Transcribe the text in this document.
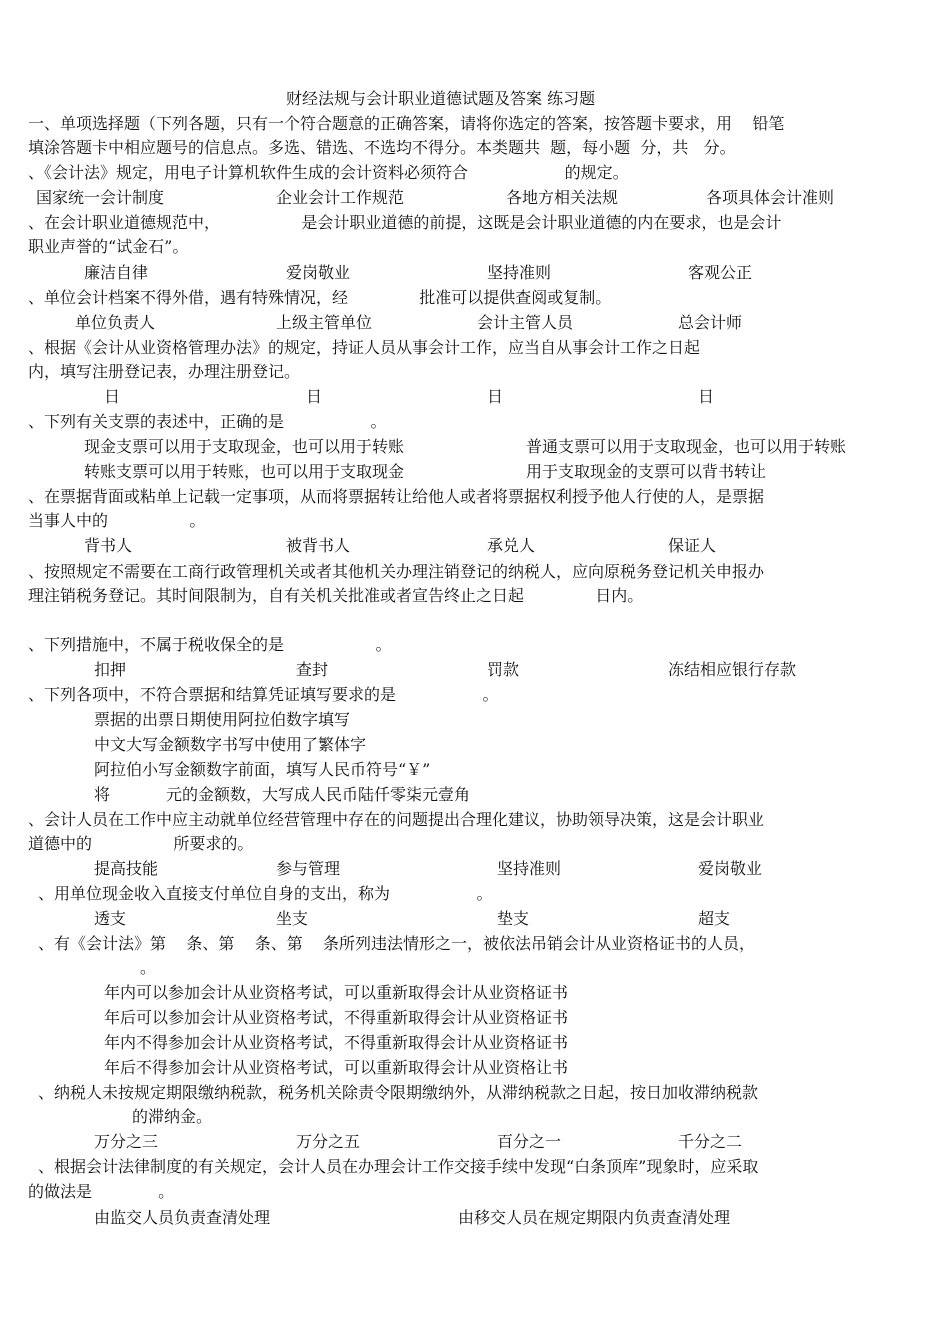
财经法规与会计职业道德试题及答案 练习题
一、单项选择题（下列各题，只有一个符合题意的正确答案，请将你选定的答案，按答题卡要求，用    铅笔
填涂答题卡中相应题号的信息点。多选、错选、不选均不得分。本类题共  题，每小题  分，共   分。
、《会计法》规定，用电子计算机软件生成的会计资料必须符合                   的规定。
国家统一会计制度	企业会计工作规范	各地方相关法规	各项具体会计准则
、在会计职业道德规范中，                是会计职业道德的前提，这既是会计职业道德的内在要求，也是会计
职业声誉的“试金石”。
廉洁自律	爱岗敬业	坚持准则	客观公正
、单位会计档案不得外借，遇有特殊情况，经              批准可以提供查阅或复制。
单位负责人	上级主管单位	会计主管人员	总会计师
、根据《会计从业资格管理办法》的规定，持证人员从事会计工作，应当自从事会计工作之日起
内，填写注册登记表，办理注册登记。
日	日	日	日
、下列有关支票的表述中，正确的是                 。
现金支票可以用于支取现金，也可以用于转账	普通支票可以用于支取现金，也可以用于转账
转账支票可以用于转账，也可以用于支取现金	用于支取现金的支票可以背书转让
、在票据背面或粘单上记载一定事项，从而将票据转让给他人或者将票据权利授予他人行使的人，是票据
当事人中的                。
背书人	被背书人	承兑人	保证人
、按照规定不需要在工商行政管理机关或者其他机关办理注销登记的纳税人，应向原税务登记机关申报办
理注销税务登记。其时间限制为，自有关机关批准或者宣告终止之日起              日内。
、下列措施中，不属于税收保全的是                  。
扣押	查封	罚款	冻结相应银行存款
、下列各项中，不符合票据和结算凭证填写要求的是                 。
票据的出票日期使用阿拉伯数字填写
中文大写金额数字书写中使用了繁体字
阿拉伯小写金额数字前面，填写人民币符号“￥”
将           元的金额数，大写成人民币陆仟零柒元壹角
、会计人员在工作中应主动就单位经营管理中存在的问题提出合理化建议，协助领导决策，这是会计职业
道德中的                所要求的。
提高技能	参与管理	坚持准则	爱岗敬业
、用单位现金收入直接支付单位自身的支出，称为                 。
透支	坐支	垫支	超支
、有《会计法》第    条、第    条、第    条所列违法情形之一，被依法吊销会计从业资格证书的人员，
。
年内可以参加会计从业资格考试，可以重新取得会计从业资格证书
年后可以参加会计从业资格考试，不得重新取得会计从业资格证书
年内不得参加会计从业资格考试，不得重新取得会计从业资格证书
年后不得参加会计从业资格考试，可以重新取得会计从业资格让书
、纳税人未按规定期限缴纳税款，税务机关除责令限期缴纳外，从滞纳税款之日起，按日加收滞纳税款
的滞纳金。
万分之三	万分之五	百分之一	千分之二
、根据会计法律制度的有关规定，会计人员在办理会计工作交接手续中发现“白条顶库”现象时，应采取
的做法是             。
由监交人员负责查清处理	由移交人员在规定期限内负责查清处理
